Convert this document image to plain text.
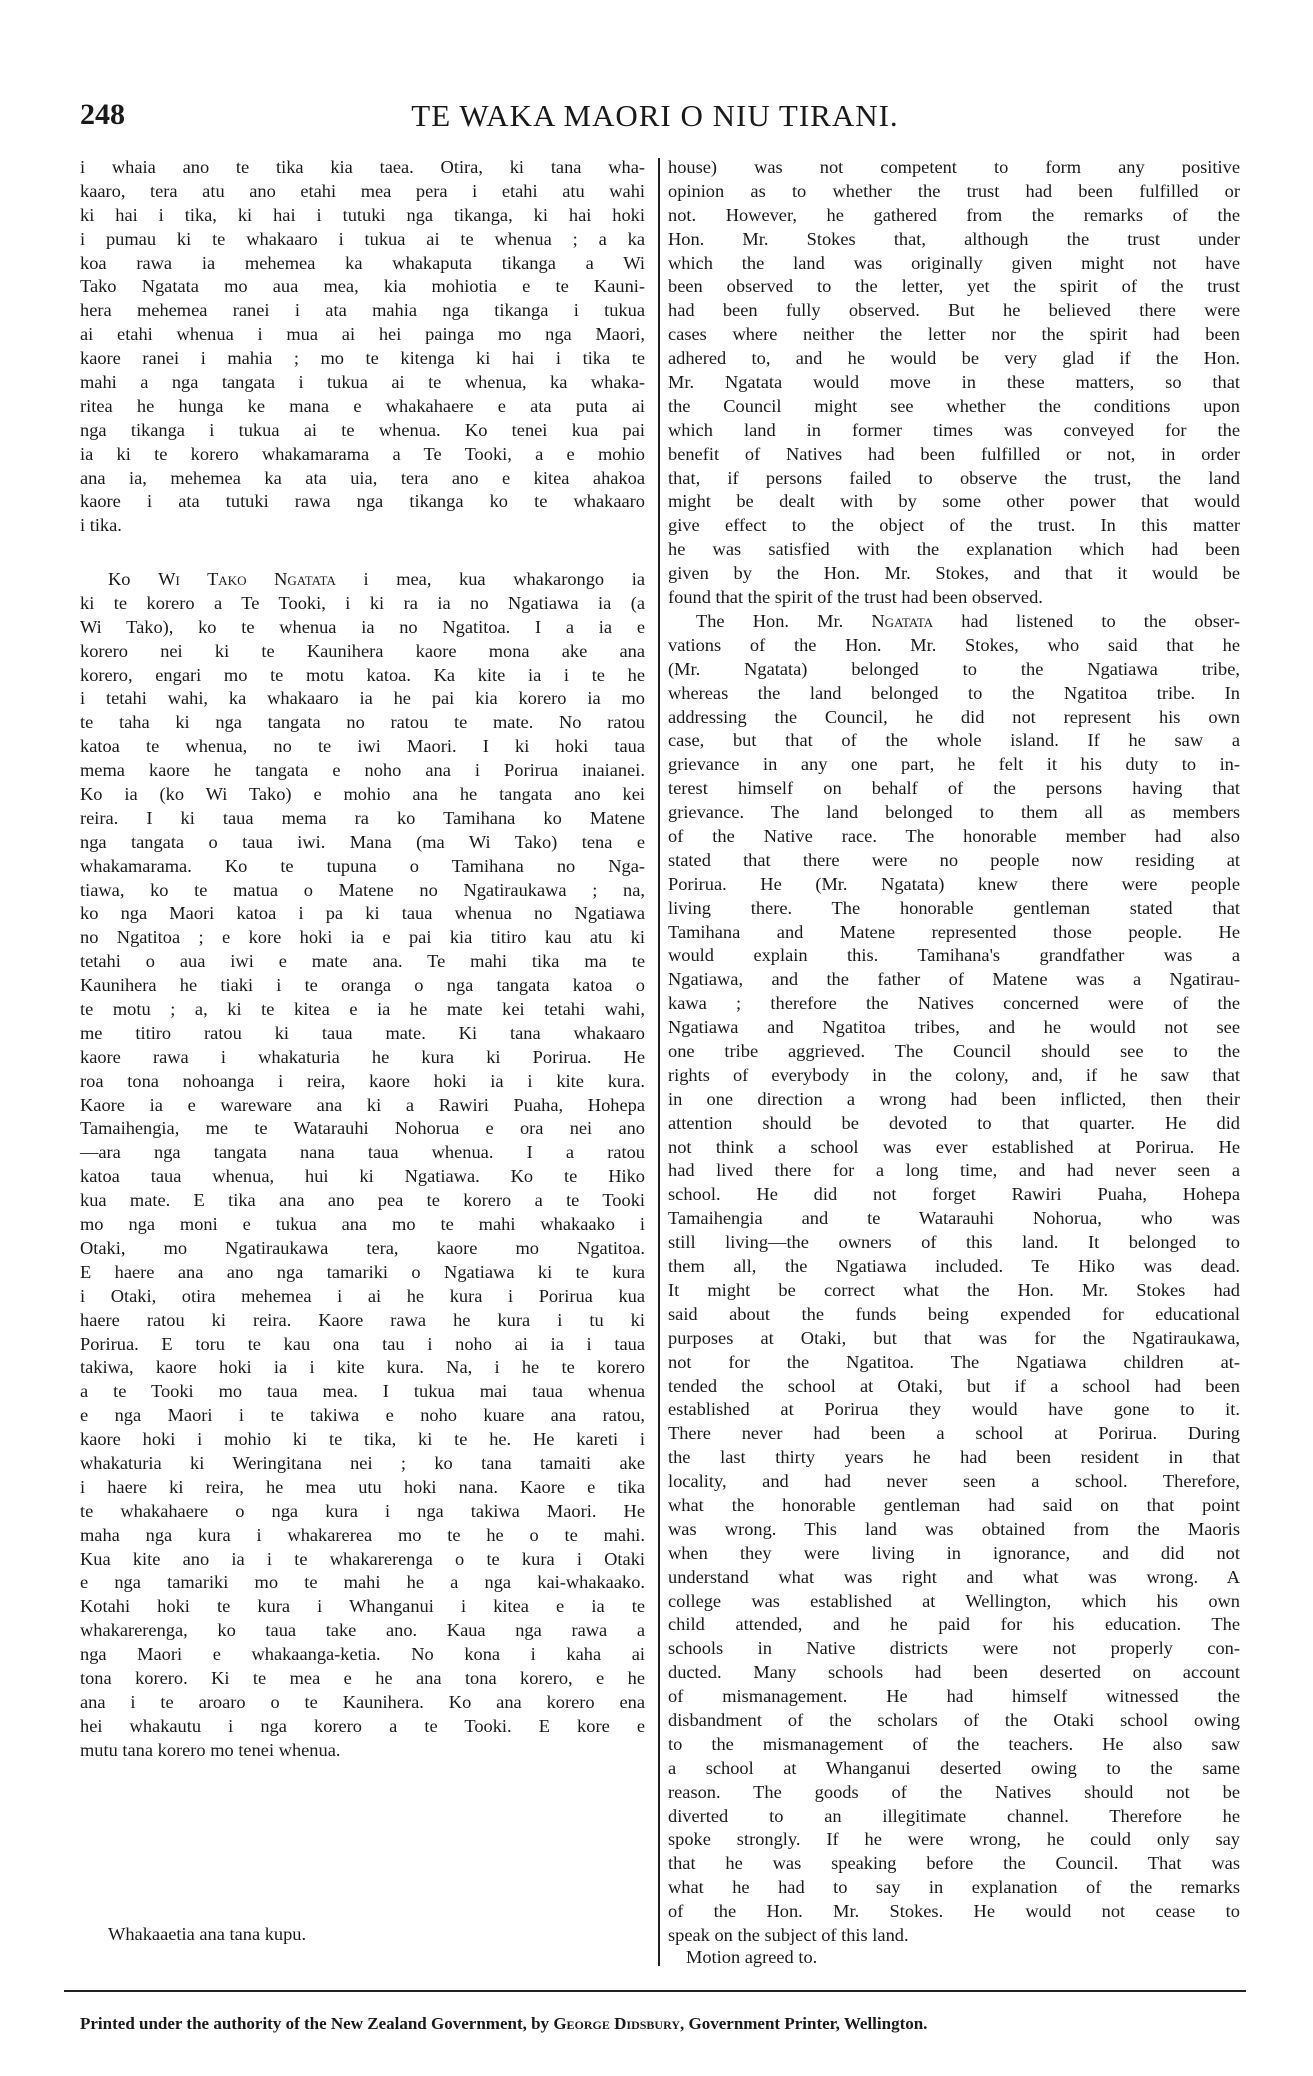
248	TE WAKA MAORI O NIU TIRANI.
i whaia ano te tika kia taea. Otira, ki tana wha-
kaaro, tera atu ano etahi mea pera i etahi atu wahi
ki hai i tika, ki hai i tutuki nga tikanga, ki hai hoki
i pumau ki te whakaaro i tukua ai te whenua ; a ka
koa rawa ia mehemea ka whakaputa tikanga a Wi
Tako Ngatata mo aua mea, kia mohiotia e te Kauni-
hera mehemea ranei i ata mahia nga tikanga i tukua
ai etahi whenua i mua ai hei painga mo nga Maori,
kaore ranei i mahia ; mo te kitenga ki hai i tika te
mahi a nga tangata i tukua ai te whenua, ka whaka-
ritea he hunga ke mana e whakahaere e ata puta ai
nga tikanga i tukua ai te whenua. Ko tenei kua pai
ia ki te korero whakamarama a Te Tooki, a e mohio
ana ia, mehemea ka ata uia, tera ano e kitea ahakoa
kaore i ata tutuki rawa nga tikanga ko te whakaaro
i tika.
Ko Wi Tako Ngatata i mea, kua whakarongo ia
ki te korero a Te Tooki, i ki ra ia no Ngatiawa ia (a
Wi Tako), ko te whenua ia no Ngatitoa. I a ia e
korero nei ki te Kaunihera kaore mona ake ana
korero, engari mo te motu katoa. Ka kite ia i te he
i tetahi wahi, ka whakaaro ia he pai kia korero ia mo
te taha ki nga tangata no ratou te mate. No ratou
katoa te whenua, no te iwi Maori. I ki hoki taua
mema kaore he tangata e noho ana i Porirua inaianei.
Ko ia (ko Wi Tako) e mohio ana he tangata ano kei
reira. I ki taua mema ra ko Tamihana ko Matene
nga tangata o taua iwi. Mana (ma Wi Tako) tena e
whakamarama. Ko te tupuna o Tamihana no Nga-
tiawa, ko te matua o Matene no Ngatiraukawa ; na,
ko nga Maori katoa i pa ki taua whenua no Ngatiawa
no Ngatitoa ; e kore hoki ia e pai kia titiro kau atu ki
tetahi o aua iwi e mate ana. Te mahi tika ma te
Kaunihera he tiaki i te oranga o nga tangata katoa o
te motu ; a, ki te kitea e ia he mate kei tetahi wahi,
me titiro ratou ki taua mate. Ki tana whakaaro
kaore rawa i whakaturia he kura ki Porirua. He
roa tona nohoanga i reira, kaore hoki ia i kite kura.
Kaore ia e wareware ana ki a Rawiri Puaha, Hohepa
Tamaihengia, me te Watarauhi Nohorua e ora nei ano
—ara nga tangata nana taua whenua. I a ratou
katoa taua whenua, hui ki Ngatiawa. Ko te Hiko
kua mate. E tika ana ano pea te korero a te Tooki
mo nga moni e tukua ana mo te mahi whakaako i
Otaki, mo Ngatiraukawa tera, kaore mo Ngatitoa.
E haere ana ano nga tamariki o Ngatiawa ki te kura
i Otaki, otira mehemea i ai he kura i Porirua kua
haere ratou ki reira. Kaore rawa he kura i tu ki
Porirua. E toru te kau ona tau i noho ai ia i taua
takiwa, kaore hoki ia i kite kura. Na, i he te korero
a te Tooki mo taua mea. I tukua mai taua whenua
e nga Maori i te takiwa e noho kuare ana ratou,
kaore hoki i mohio ki te tika, ki te he. He kareti i
whakaturia ki Weringitana nei ; ko tana tamaiti ake
i haere ki reira, he mea utu hoki nana. Kaore e tika
te whakahaere o nga kura i nga takiwa Maori. He
maha nga kura i whakarerea mo te he o te mahi.
Kua kite ano ia i te whakarerenga o te kura i Otaki
e nga tamariki mo te mahi he a nga kai-whakaako.
Kotahi hoki te kura i Whanganui i kitea e ia te
whakarerenga, ko taua take ano. Kaua nga rawa a
nga Maori e whakaanga-ketia. No kona i kaha ai
tona korero. Ki te mea e he ana tona korero, e he
ana i te aroaro o te Kaunihera. Ko ana korero ena
hei whakautu i nga korero a te Tooki. E kore e
mutu tana korero mo tenei whenua.
Whakaaetia ana tana kupu.
house) was not competent to form any positive
opinion as to whether the trust had been fulfilled or
not. However, he gathered from the remarks of the
Hon. Mr. Stokes that, although the trust under
which the land was originally given might not have
been observed to the letter, yet the spirit of the trust
had been fully observed. But he believed there were
cases where neither the letter nor the spirit had been
adhered to, and he would be very glad if the Hon.
Mr. Ngatata would move in these matters, so that
the Council might see whether the conditions upon
which land in former times was conveyed for the
benefit of Natives had been fulfilled or not, in order
that, if persons failed to observe the trust, the land
might be dealt with by some other power that would
give effect to the object of the trust. In this matter
he was satisfied with the explanation which had been
given by the Hon. Mr. Stokes, and that it would be
found that the spirit of the trust had been observed.
The Hon. Mr. Ngatata had listened to the obser-
vations of the Hon. Mr. Stokes, who said that he
(Mr. Ngatata) belonged to the Ngatiawa tribe,
whereas the land belonged to the Ngatitoa tribe. In
addressing the Council, he did not represent his own
case, but that of the whole island. If he saw a
grievance in any one part, he felt it his duty to in-
terest himself on behalf of the persons having that
grievance. The land belonged to them all as members
of the Native race. The honorable member had also
stated that there were no people now residing at
Porirua. He (Mr. Ngatata) knew there were people
living there. The honorable gentleman stated that
Tamihana and Matene represented those people. He
would explain this. Tamihana's grandfather was a
Ngatiawa, and the father of Matene was a Ngatirau-
kawa ; therefore the Natives concerned were of the
Ngatiawa and Ngatitoa tribes, and he would not see
one tribe aggrieved. The Council should see to the
rights of everybody in the colony, and, if he saw that
in one direction a wrong had been inflicted, then their
attention should be devoted to that quarter. He did
not think a school was ever established at Porirua. He
had lived there for a long time, and had never seen a
school. He did not forget Rawiri Puaha, Hohepa
Tamaihengia and te Watarauhi Nohorua, who was
still living—the owners of this land. It belonged to
them all, the Ngatiawa included. Te Hiko was dead.
It might be correct what the Hon. Mr. Stokes had
said about the funds being expended for educational
purposes at Otaki, but that was for the Ngatiraukawa,
not for the Ngatitoa. The Ngatiawa children at-
tended the school at Otaki, but if a school had been
established at Porirua they would have gone to it.
There never had been a school at Porirua. During
the last thirty years he had been resident in that
locality, and had never seen a school. Therefore,
what the honorable gentleman had said on that point
was wrong. This land was obtained from the Maoris
when they were living in ignorance, and did not
understand what was right and what was wrong. A
college was established at Wellington, which his own
child attended, and he paid for his education. The
schools in Native districts were not properly con-
ducted. Many schools had been deserted on account
of mismanagement. He had himself witnessed the
disbandment of the scholars of the Otaki school owing
to the mismanagement of the teachers. He also saw
a school at Whanganui deserted owing to the same
reason. The goods of the Natives should not be
diverted to an illegitimate channel. Therefore he
spoke strongly. If he were wrong, he could only say
that he was speaking before the Council. That was
what he had to say in explanation of the remarks
of the Hon. Mr. Stokes. He would not cease to
speak on the subject of this land.
Motion agreed to.
Printed under the authority of the New Zealand Government, by George Didsbury, Government Printer, Wellington.
